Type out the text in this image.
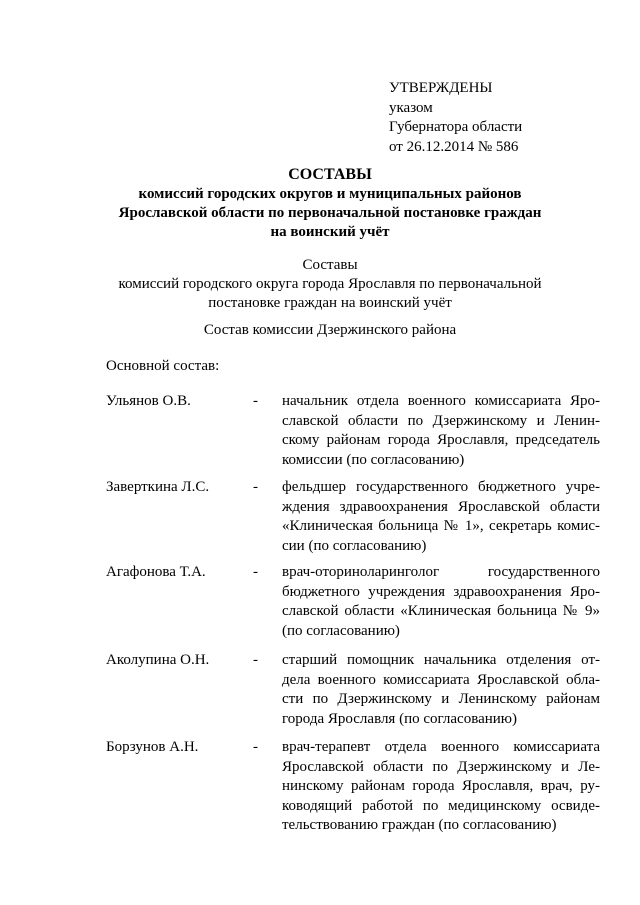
УТВЕРЖДЕНЫ
указом
Губернатора области
от 26.12.2014 № 586
СОСТАВЫ
комиссий городских округов и муниципальных районов
Ярославской области по первоначальной постановке граждан
на воинский учёт
Составы
комиссий городского округа города Ярославля по первоначальной
постановке граждан на воинский учёт
Состав комиссии Дзержинского района
Основной состав:
Ульянов О.В.	- начальник отдела военного комиссариата Яро-
славской области по Дзержинскому и Ленин-
скому районам города Ярославля, председатель
комиссии (по согласованию)
Заверткина Л.С.	- фельдшер государственного бюджетного учре-
ждения здравоохранения Ярославской области
«Клиническая больница № 1», секретарь комис-
сии (по согласованию)
Агафонова Т.А.	- врач-оториноларинголог государственного
бюджетного учреждения здравоохранения Яро-
славской области «Клиническая больница № 9»
(по согласованию)
Аколупина О.Н.	- старший помощник начальника отделения от-
дела военного комиссариата Ярославской обла-
сти по Дзержинскому и Ленинскому районам
города Ярославля (по согласованию)
Борзунов А.Н.	- врач-терапевт отдела военного комиссариата
Ярославской области по Дзержинскому и Ле-
нинскому районам города Ярославля, врач, ру-
ководящий работой по медицинскому освиде-
тельствованию граждан (по согласованию)
